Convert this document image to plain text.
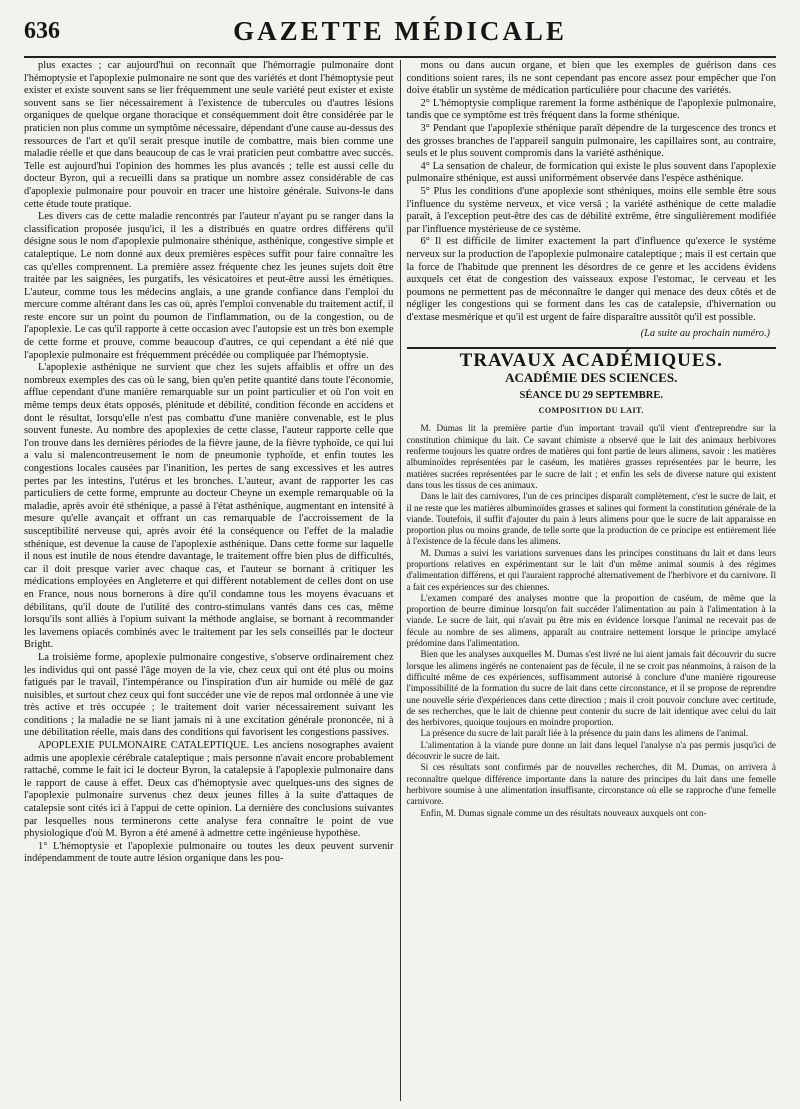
636	GAZETTE MÉDICALE

plus exactes ; car aujourd'hui on reconnaît que l'hémorragie pulmonaire dont l'hémoptysie et l'apoplexie pulmonaire ne sont que des variétés et dont l'hémoptysie peut exister et existe souvent sans se lier fréquemment une seule variété peut exister et existe souvent sans se lier nécessairement à l'existence de tubercules ou d'autres lésions organiques de quelque organe thoracique et conséquemment doit être considérée par le praticien non plus comme un symptôme nécessaire, dépendant d'une cause au-dessus des ressources de l'art et qu'il serait presque inutile de combattre, mais bien comme une maladie réelle et que dans beaucoup de cas le vrai praticien peut combattre avec succès. Telle est aujourd'hui l'opinion des hommes les plus avancés ; telle est aussi celle du docteur Byron, qui a recueilli dans sa pratique un nombre assez considérable de cas d'apoplexie pulmonaire pour pouvoir en tracer une histoire générale. Suivons-le dans cette étude toute pratique.

Les divers cas de cette maladie rencontrés par l'auteur n'ayant pu se ranger dans la classification proposée jusqu'ici, il les a distribués en quatre ordres différens qu'il désigne sous le nom d'apoplexie pulmonaire sthénique, asthénique, congestive simple et cataleptique. Le nom donné aux deux premières espèces suffit pour faire connaître les cas qu'elles comprennent. La première assez fréquente chez les jeunes sujets doit être traitée par les saignées, les purgatifs, les vésicatoires et peut-être aussi les émétiques. L'auteur, comme tous les médecins anglais, a une grande confiance dans l'emploi du mercure comme altérant dans les cas où, après l'emploi convenable du traitement actif, il reste encore sur un point du poumon de l'inflammation, ou de la congestion, ou de l'apoplexie. Le cas qu'il rapporte à cette occasion avec l'autopsie est un très bon exemple de cette forme et prouve, comme beaucoup d'autres, ce qui cependant a été nié que l'apoplexie pulmonaire est fréquemment précédée ou compliquée par l'hémoptysie.

L'apoplexie asthénique ne survient que chez les sujets affaiblis et offre un des nombreux exemples des cas où le sang, bien qu'en petite quantité dans toute l'économie, afflue cependant d'une manière remarquable sur un point particulier et où l'on voit en même temps deux états opposés, plénitude et débilité, condition féconde en accidens et dont le résultat, lorsqu'elle n'est pas combattu d'une manière convenable, est le plus souvent funeste. Au nombre des apoplexies de cette classe, l'auteur rapporte celle que l'on trouve dans les dernières périodes de la fièvre jaune, de la fièvre typhoïde, ce qui lui a valu si malencontreusement le nom de pneumonie typhoïde, et enfin toutes les congestions locales causées par l'inanition, les pertes de sang excessives et les autres pertes par les intestins, l'utérus et les bronches. L'auteur, avant de rapporter les cas particuliers de cette forme, emprunte au docteur Cheyne un exemple remarquable où la maladie, après avoir été sthénique, a passé à l'état asthénique, augmentant en intensité à mesure qu'elle avançait et offrant un cas remarquable de l'accroissement de la susceptibilité nerveuse qui, après avoir été la conséquence ou l'effet de la maladie sthénique, est devenue la cause de l'apoplexie asthénique. Dans cette forme sur laquelle il nous est inutile de nous étendre davantage, le traitement offre bien plus de difficultés, car il doit presque varier avec chaque cas, et l'auteur se bornant à critiquer les médications employées en Angleterre et qui diffèrent notablement de celles dont on use en France, nous nous bornerons à dire qu'il condamne tous les moyens évacuans et débilitans, qu'il doute de l'utilité des contro-stimulans vantés dans ces cas, même lorsqu'ils sont alliés à l'opium suivant la méthode anglaise, se bornant à recommander les lavemens opiacés combinés avec le traitement par les sels conseillés par le docteur Bright.

La troisième forme, apoplexie pulmonaire congestive, s'observe ordinairement chez les individus qui ont passé l'âge moyen de la vie, chez ceux qui ont été plus ou moins fatigués par le travail, l'intempérance ou l'inspiration d'un air humide ou mêlé de gaz nuisibles, et surtout chez ceux qui font succéder une vie de repos mal ordonnée à une vie très active et très occupée ; le traitement doit varier nécessairement suivant les conditions ; la maladie ne se liant jamais ni à une excitation générale prononcée, ni à une débilitation réelle, mais dans des conditions qui favorisent les congestions passives.

APOPLEXIE PULMONAIRE CATALEPTIQUE. Les anciens nosographes avaient admis une apoplexie cérébrale cataleptique ; mais personne n'avait encore probablement rattaché, comme le fait ici le docteur Byron, la catalepsie à l'apoplexie pulmonaire dans le rapport de cause à effet. Deux cas d'hémoptysie avec quelques-uns des signes de l'apoplexie pulmonaire survenus chez deux jeunes filles à la suite d'attaques de catalepsie sont cités ici à l'appui de cette opinion. La dernière des conclusions suivantes par lesquelles nous terminerons cette analyse fera connaître le point de vue physiologique d'où M. Byron a été amené à admettre cette ingénieuse hypothèse.

1° L'hémoptysie et l'apoplexie pulmonaire ou toutes les deux peuvent survenir indépendamment de toute autre lésion organique dans les pou-

mons ou dans aucun organe, et bien que les exemples de guérison dans ces conditions soient rares, ils ne sont cependant pas encore assez pour empêcher que l'on doive établir un système de médication particulière pour chacune des variétés.

2° L'hémoptysie complique rarement la forme asthénique de l'apoplexie pulmonaire, tandis que ce symptôme est très fréquent dans la forme sthénique.

3° Pendant que l'apoplexie sthénique paraît dépendre de la turgescence des troncs et des grosses branches de l'appareil sanguin pulmonaire, les capillaires sont, au contraire, seuls et le plus souvent compromis dans la variété asthénique.

4° La sensation de chaleur, de formication qui existe le plus souvent dans l'apoplexie pulmonaire sthénique, est aussi uniformément observée dans l'espèce asthénique.

5° Plus les conditions d'une apoplexie sont sthéniques, moins elle semble être sous l'influence du système nerveux, et vice versâ ; la variété asthénique de cette maladie paraît, à l'exception peut-être des cas de débilité extrême, être singulièrement modifiée par l'influence mystérieuse de ce système.

6° Il est difficile de limiter exactement la part d'influence qu'exerce le système nerveux sur la production de l'apoplexie pulmonaire cataleptique ; mais il est certain que la force de l'habitude que prennent les désordres de ce genre et les accidens évidens auxquels cet état de congestion des vaisseaux expose l'estomac, le cerveau et les poumons ne permettent pas de méconnaître le danger qui menace des deux côtés et de négliger les congestions qui se forment dans les cas de catalepsie, d'hivernation ou d'extase mesmérique et qu'il est urgent de faire disparaître aussitôt qu'il est possible.

(La suite au prochain numéro.)
TRAVAUX ACADÉMIQUES.
ACADÉMIE DES SCIENCES.
SÉANCE DU 29 SEPTEMBRE.
COMPOSITION DU LAIT.

M. Dumas lit la première partie d'un important travail qu'il vient d'entreprendre sur la constitution chimique du lait. Ce savant chimiste a observé que le lait des animaux herbivores renferme toujours les quatre ordres de matières qui font partie de leurs alimens, savoir : les matières albuminoïdes représentées par le caséum, les matières grasses représentées par le beurre, les matières sucrées représentées par le sucre de lait ; et enfin les sels de diverse nature qui existent dans tous les tissus de ces animaux.

Dans le lait des carnivores, l'un de ces principes disparaît complètement, c'est le sucre de lait, et il ne reste que les matières albuminoïdes grasses et salines qui forment la constitution générale de la viande. Toutefois, il suffit d'ajouter du pain à leurs alimens pour que le sucre de lait apparaisse en proportion plus ou moins grande, de telle sorte que la production de ce principe est entièrement liée à l'existence de la fécule dans les alimens.

M. Dumas a suivi les variations survenues dans les principes constituans du lait et dans leurs proportions relatives en expérimentant sur le lait d'un même animal soumis à des régimes d'alimentation différens, et qui l'auraient rapproché alternativement de l'herbivore et du carnivore. Il a fait ces expériences sur des chiennes.

L'examen comparé des analyses montre que la proportion de caséum, de même que la proportion de beurre diminue lorsqu'on fait succéder l'alimentation au pain à l'alimentation à la viande. Le sucre de lait, qui n'avait pu être mis en évidence lorsque l'animal ne recevait pas de fécule au nombre de ses alimens, apparaît au contraire nettement lorsque le principe amylacé prédomine dans l'alimentation.

Bien que les analyses auxquelles M. Dumas s'est livré ne lui aient jamais fait découvrir du sucre lorsque les alimens ingérés ne contenaient pas de fécule, il ne se croit pas néanmoins, à raison de la difficulté même de ces expériences, suffisamment autorisé à conclure d'une manière rigoureuse l'impossibilité de la formation du sucre de lait dans cette circonstance, et il se propose de reprendre une nouvelle série d'expériences dans cette direction ; mais il croit pouvoir conclure avec certitude, de ses recherches, que le lait de chienne peut contenir du sucre de lait identique avec celui du lait des herbivores, quoique toujours en moindre proportion.

La présence du sucre de lait paraît liée à la présence du pain dans les alimens de l'animal.

L'alimentation à la viande pure donne un lait dans lequel l'analyse n'a pas permis jusqu'ici de découvrir le sucre de lait.

Si ces résultats sont confirmés par de nouvelles recherches, dit M. Dumas, on arrivera à reconnaître quelque différence importante dans la nature des principes du lait dans une femelle herbivore soumise à une alimentation insuffisante, circonstance où elle se rapproche d'une femelle carnivore.

Enfin, M. Dumas signale comme un des résultats nouveaux auxquels ont con-
